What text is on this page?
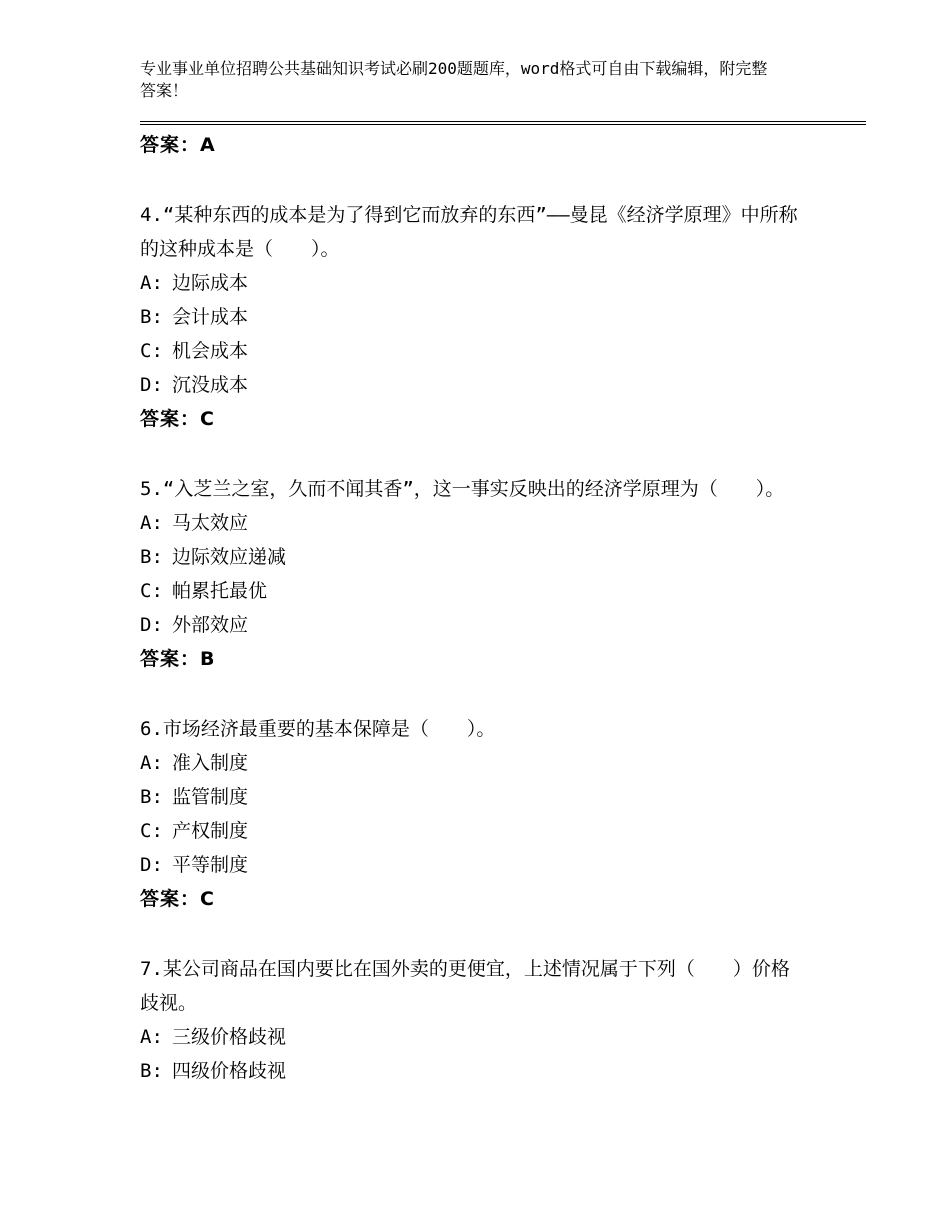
专业事业单位招聘公共基础知识考试必刷200题题库，word格式可自由下载编辑，附完整答案！
答案：A
4.“某种东西的成本是为了得到它而放弃的东西”——曼昆《经济学原理》中所称的这种成本是（　　）。
A: 边际成本
B: 会计成本
C: 机会成本
D: 沉没成本
答案：C
5.“入芝兰之室，久而不闻其香”，这一事实反映出的经济学原理为（　　）。
A: 马太效应
B: 边际效应递减
C: 帕累托最优
D: 外部效应
答案：B
6.市场经济最重要的基本保障是（　　）。
A: 准入制度
B: 监管制度
C: 产权制度
D: 平等制度
答案：C
7.某公司商品在国内要比在国外卖的更便宜，上述情况属于下列（　　）价格歧视。
A: 三级价格歧视
B: 四级价格歧视
